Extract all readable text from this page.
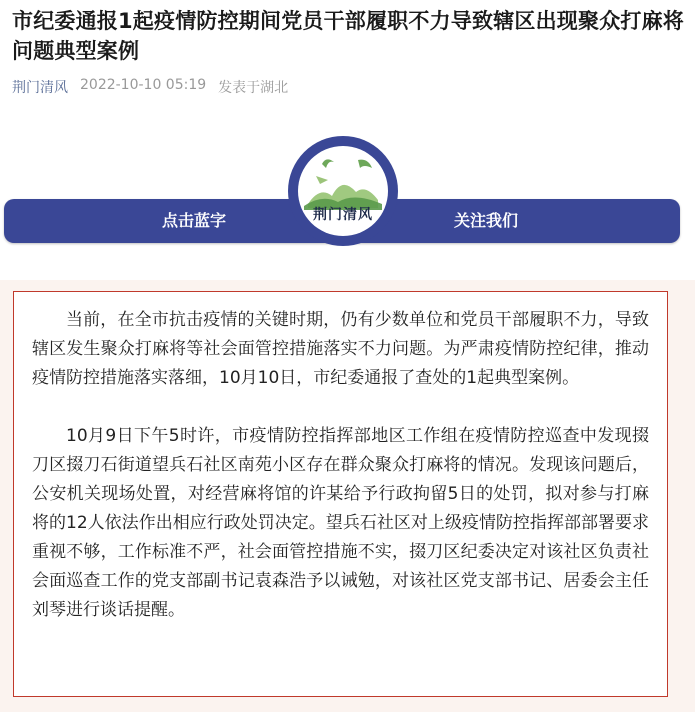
市纪委通报1起疫情防控期间党员干部履职不力导致辖区出现聚众打麻将问题典型案例
荆门清风 2022-10-10 05:19 发表于湖北
点击蓝字	关注我们
荆门清风

当前，在全市抗击疫情的关键时期，仍有少数单位和党员干部履职不力，导致辖区发生聚众打麻将等社会面管控措施落实不力问题。为严肃疫情防控纪律，推动疫情防控措施落实落细，10月10日，市纪委通报了查处的1起典型案例。

10月9日下午5时许，市疫情防控指挥部地区工作组在疫情防控巡查中发现掇刀区掇刀石街道望兵石社区南苑小区存在群众聚众打麻将的情况。发现该问题后，公安机关现场处置，对经营麻将馆的许某给予行政拘留5日的处罚，拟对参与打麻将的12人依法作出相应行政处罚决定。望兵石社区对上级疫情防控指挥部部署要求重视不够，工作标准不严，社会面管控措施不实，掇刀区纪委决定对该社区负责社会面巡查工作的党支部副书记袁森浩予以诫勉，对该社区党支部书记、居委会主任刘琴进行谈话提醒。
